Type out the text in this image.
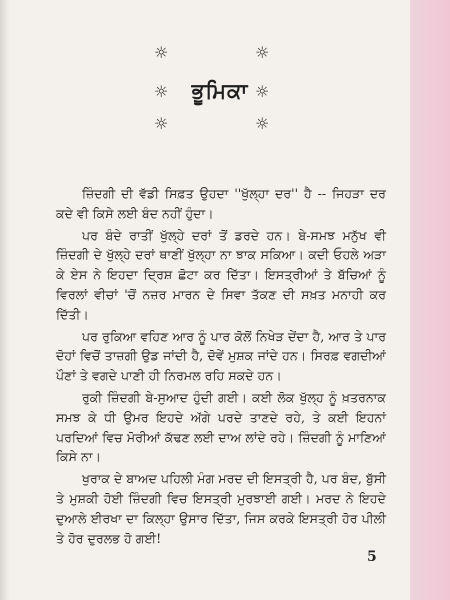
☼	☼
☼	☼
☼	☼
ਭੂਮਿਕਾ

ਜ਼ਿੰਦਗੀ ਦੀ ਵੱਡੀ ਸਿਫ਼ਤ ਉਹਦਾ ''ਖੁੱਲ੍ਹਾ ਦਰ'' ਹੈ -- ਜਿਹੜਾ ਦਰ ਕਦੇ ਵੀ ਕਿਸੇ ਲਈ ਬੰਦ ਨਹੀਂ ਹੁੰਦਾ।

ਪਰ ਬੰਦੇ ਰਾਤੀਂ ਖੁੱਲ੍ਹੇ ਦਰਾਂ ਤੋਂ ਡਰਦੇ ਹਨ। ਬੇ-ਸਮਝ ਮਨੁੱਖ ਵੀ ਜ਼ਿੰਦਗੀ ਦੇ ਖੁੱਲ੍ਹੇ ਦਰਾਂ ਥਾਣੀਂ ਖੁੱਲ੍ਹਾ ਨਾ ਝਾਕ ਸਕਿਆ। ਕਦੀ ਓਹਲੇ ਅੜਾ ਕੇ ਏਸ ਨੇ ਇਹਦਾ ਦ੍ਰਿਸ਼ ਛੋਟਾ ਕਰ ਦਿੱਤਾ। ਇਸਤ੍ਰੀਆਂ ਤੇ ਬੱਚਿਆਂ ਨੂੰ ਵਿਰਲਾਂ ਵੀਚਾਂ 'ਚੋਂ ਨਜ਼ਰ ਮਾਰਨ ਦੇ ਸਿਵਾ ਤੱਕਣ ਦੀ ਸਖ਼ਤ ਮਨਾਹੀ ਕਰ ਦਿੱਤੀ।

ਪਰ ਰੁਕਿਆ ਵਹਿਣ ਆਰ ਨੂੰ ਪਾਰ ਕੋਲੋਂ ਨਿਖੇੜ ਦੇਂਦਾ ਹੈ, ਆਰ ਤੇ ਪਾਰ ਦੋਹਾਂ ਵਿਚੋਂ ਤਾਜ਼ਗੀ ਉਡ ਜਾਂਦੀ ਹੈ, ਦੋਵੇਂ ਮੁਸ਼ਕ ਜਾਂਦੇ ਹਨ। ਸਿਰਫ਼ ਵਗਦੀਆਂ ਪੌਣਾਂ ਤੇ ਵਗਦੇ ਪਾਣੀ ਹੀ ਨਿਰਮਲ ਰਹਿ ਸਕਦੇ ਹਨ।

ਰੁਕੀ ਜ਼ਿੰਦਗੀ ਬੇ-ਸੁਆਦ ਹੁੰਦੀ ਗਈ। ਕਈ ਲੋਕ ਖੁੱਲ੍ਹ ਨੂੰ ਖ਼ਤਰਨਾਕ ਸਮਝ ਕੇ ਧੀ ਉਮਰ ਇਹਦੇ ਅੱਗੇ ਪਰਦੇ ਤਾਣਦੇ ਰਹੇ, ਤੇ ਕਈ ਇਹਨਾਂ ਪਰਦਿਆਂ ਵਿਚ ਮੋਰੀਆਂ ਕੱਢਣ ਲਈ ਦਾਅ ਲਾਂਦੇ ਰਹੇ। ਜ਼ਿੰਦਗੀ ਨੂੰ ਮਾਣਿਆਂ ਕਿਸੇ ਨਾ।

ਖੁਰਾਕ ਦੇ ਬਾਅਦ ਪਹਿਲੀ ਮੰਗ ਮਰਦ ਦੀ ਇਸਤ੍ਰੀ ਹੈ, ਪਰ ਬੰਦ, ਬੁੱਸੀ ਤੇ ਮੁਸ਼ਕੀ ਹੋਈ ਜ਼ਿੰਦਗੀ ਵਿਚ ਇਸਤ੍ਰੀ ਮੁਰਝਾਈ ਗਈ। ਮਰਦ ਨੇ ਇਹਦੇ ਦੁਆਲੇ ਈਰਖਾ ਦਾ ਕਿਲ੍ਹਾ ਉਸਾਰ ਦਿੱਤਾ, ਜਿਸ ਕਰਕੇ ਇਸਤ੍ਰੀ ਹੋਰ ਪੀਲੀ ਤੇ ਹੋਰ ਦੁਰਲਭ ਹੋ ਗਈ!

5
